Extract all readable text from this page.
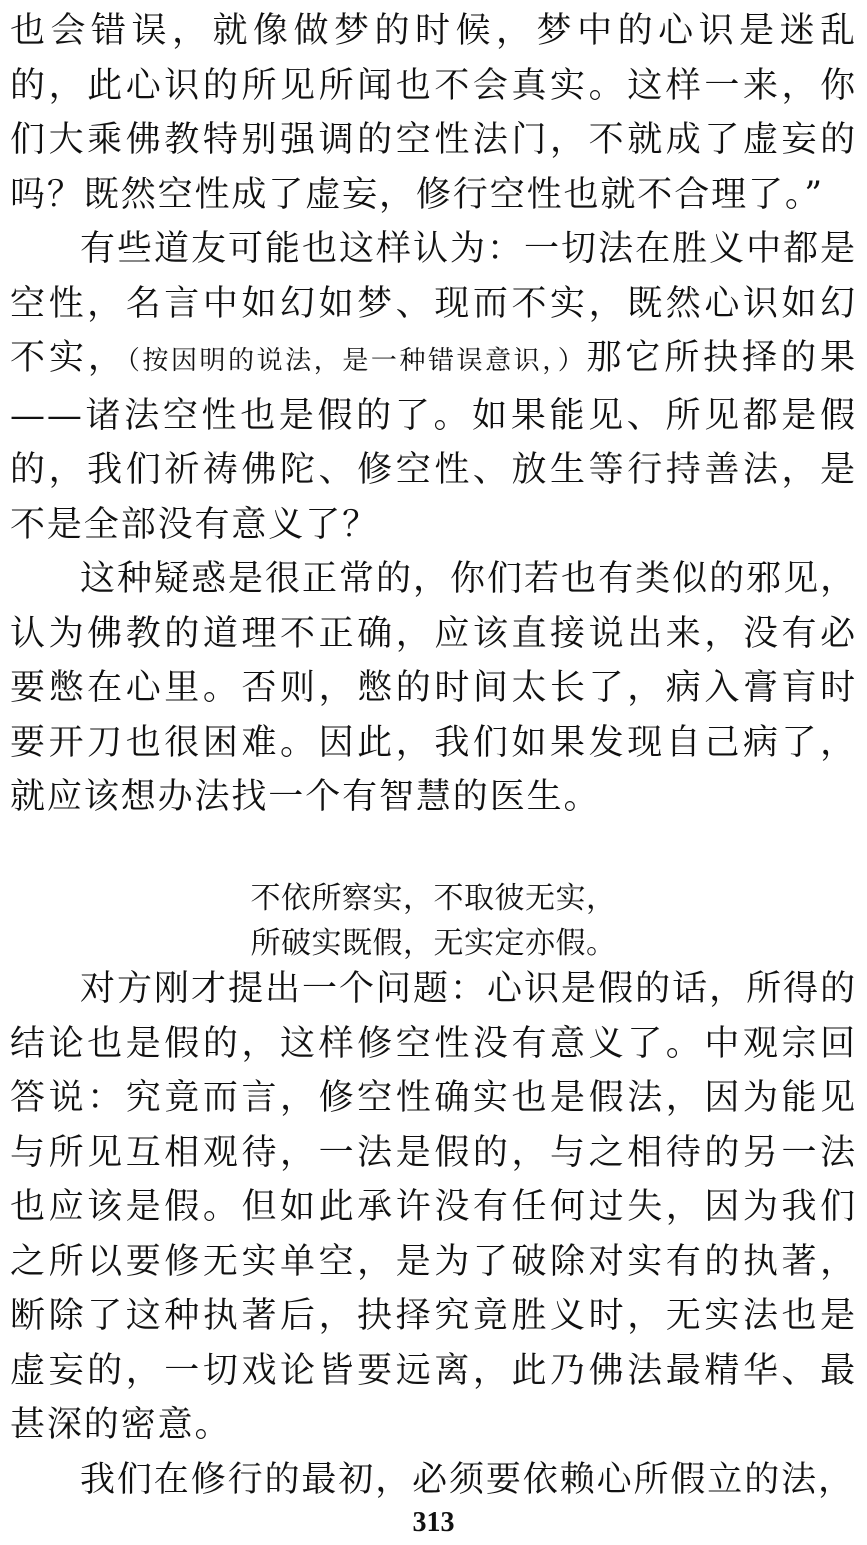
也会错误，就像做梦的时候，梦中的心识是迷乱的，此心识的所见所闻也不会真实。这样一来，你们大乘佛教特别强调的空性法门，不就成了虚妄的吗？既然空性成了虚妄，修行空性也就不合理了。”

有些道友可能也这样认为：一切法在胜义中都是空性，名言中如幻如梦、现而不实，既然心识如幻不实，（按因明的说法，是一种错误意识，）那它所抉择的果——诸法空性也是假的了。如果能见、所见都是假的，我们祈祷佛陀、修空性、放生等行持善法，是不是全部没有意义了？

这种疑惑是很正常的，你们若也有类似的邪见，认为佛教的道理不正确，应该直接说出来，没有必要憋在心里。否则，憋的时间太长了，病入膏肓时要开刀也很困难。因此，我们如果发现自己病了，就应该想办法找一个有智慧的医生。

不依所察实，不取彼无实，

所破实既假，无实定亦假。

对方刚才提出一个问题：心识是假的话，所得的结论也是假的，这样修空性没有意义了。中观宗回答说：究竟而言，修空性确实也是假法，因为能见与所见互相观待，一法是假的，与之相待的另一法也应该是假。但如此承许没有任何过失，因为我们之所以要修无实单空，是为了破除对实有的执著，断除了这种执著后，抉择究竟胜义时，无实法也是虚妄的，一切戏论皆要远离，此乃佛法最精华、最甚深的密意。

我们在修行的最初，必须要依赖心所假立的法，

313
